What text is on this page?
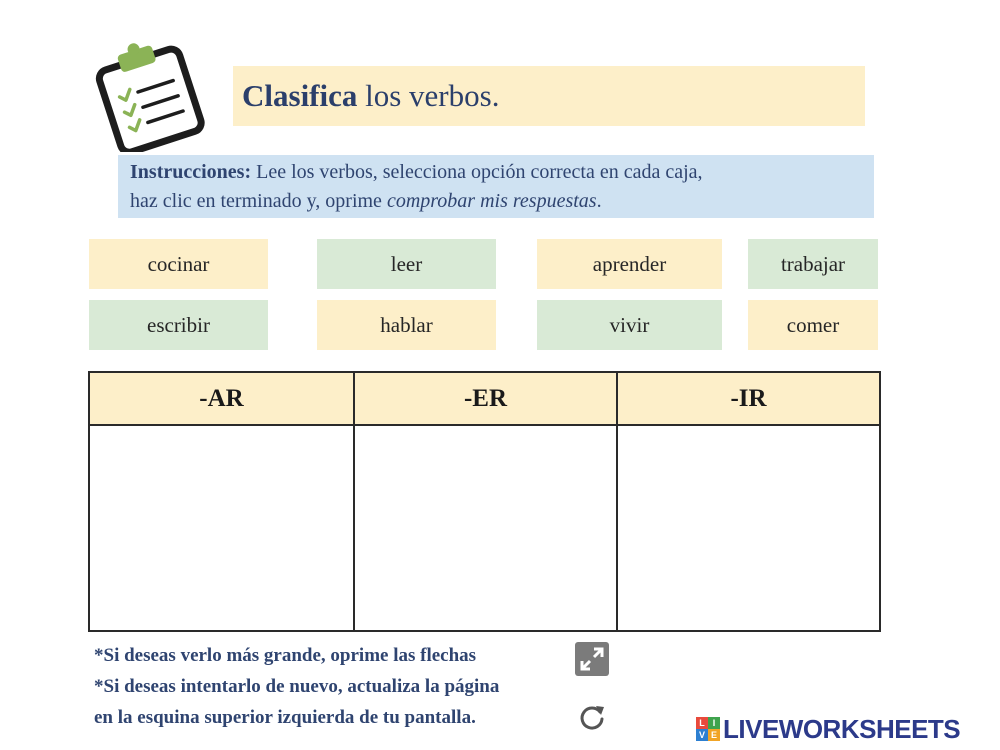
Clasifica los verbos.
Instrucciones: Lee los verbos, selecciona opción correcta en cada caja,
haz clic en terminado y, oprime comprobar mis respuestas.
cocinar	leer	aprender	trabajar
escribir	hablar	vivir	comer
-AR	-ER	-IR
*Si deseas verlo más grande, oprime las flechas
*Si deseas intentarlo de nuevo, actualiza la página
en la esquina superior izquierda de tu pantalla.	L I
V E LIVEWORKSHEETS
